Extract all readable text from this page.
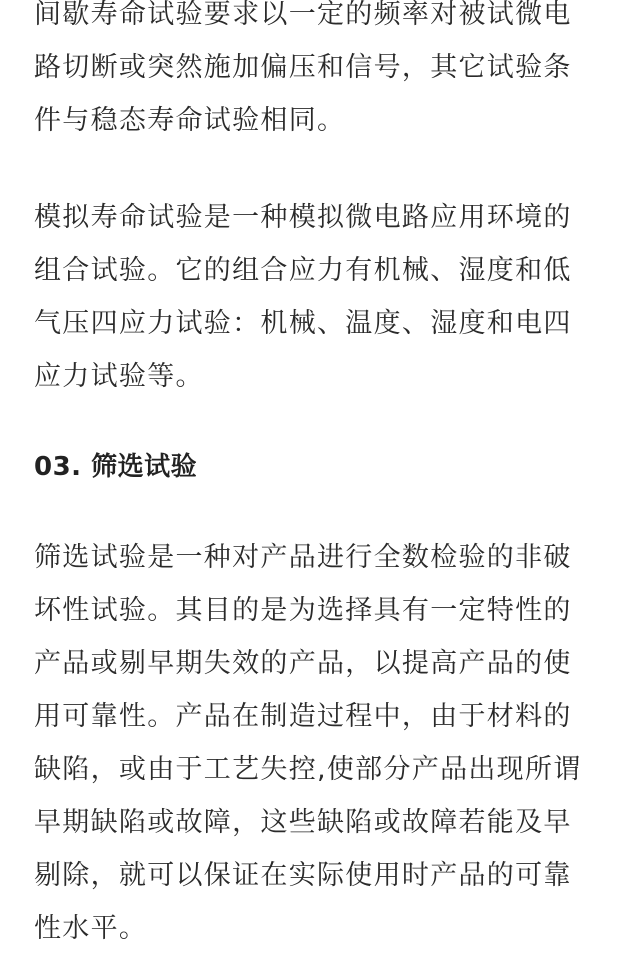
间歇寿命试验要求以一定的频率对被试微电
路切断或突然施加偏压和信号，其它试验条
件与稳态寿命试验相同。

模拟寿命试验是一种模拟微电路应用环境的
组合试验。它的组合应力有机械、湿度和低
气压四应力试验：机械、温度、湿度和电四
应力试验等。

03. 筛选试验

筛选试验是一种对产品进行全数检验的非破
坏性试验。其目的是为选择具有一定特性的
产品或剔早期失效的产品，以提高产品的使
用可靠性。产品在制造过程中，由于材料的
缺陷，或由于工艺失控,使部分产品出现所谓
早期缺陷或故障，这些缺陷或故障若能及早
剔除，就可以保证在实际使用时产品的可靠
性水平。
